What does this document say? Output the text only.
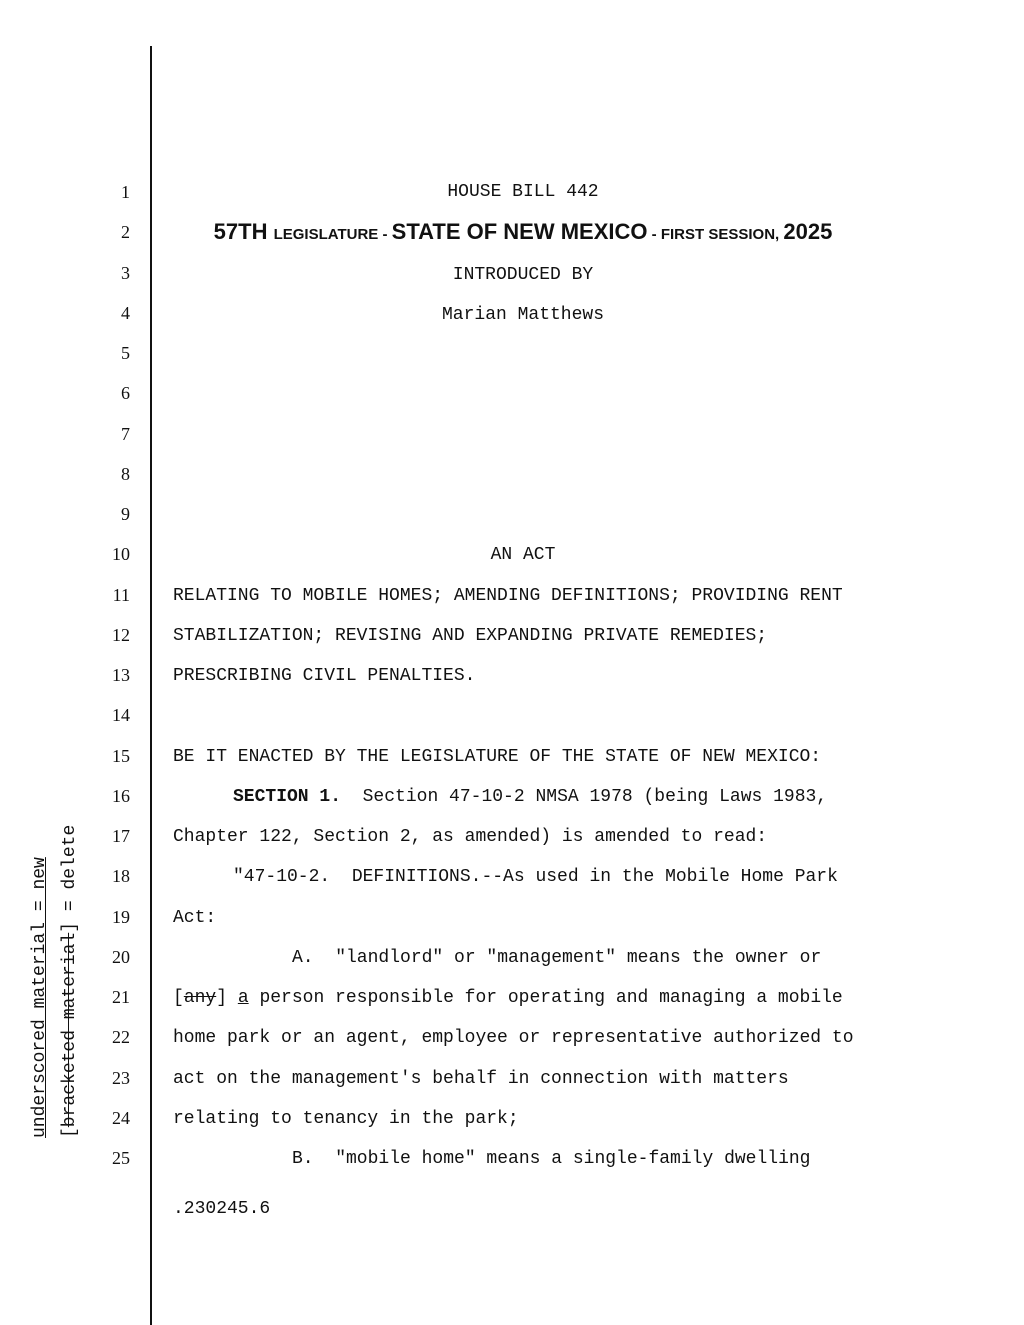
underscored material = new [bracketed material] = delete
1
2
3
4
5
6
7
8
9
10
11
12
13
14
15
16
17
18
19
20
21
22
23
24
25
HOUSE BILL 442
57TH LEGISLATURE - STATE OF NEW MEXICO - FIRST SESSION, 2025
INTRODUCED BY
Marian Matthews
AN ACT
RELATING TO MOBILE HOMES; AMENDING DEFINITIONS; PROVIDING RENT
STABILIZATION; REVISING AND EXPANDING PRIVATE REMEDIES;
PRESCRIBING CIVIL PENALTIES.
BE IT ENACTED BY THE LEGISLATURE OF THE STATE OF NEW MEXICO:
SECTION 1.  Section 47-10-2 NMSA 1978 (being Laws 1983,
Chapter 122, Section 2, as amended) is amended to read:
"47-10-2.  DEFINITIONS.--As used in the Mobile Home Park
Act:
A.  "landlord" or "management" means the owner or
[any] a person responsible for operating and managing a mobile
home park or an agent, employee or representative authorized to
act on the management's behalf in connection with matters
relating to tenancy in the park;
B.  "mobile home" means a single-family dwelling
.230245.6
